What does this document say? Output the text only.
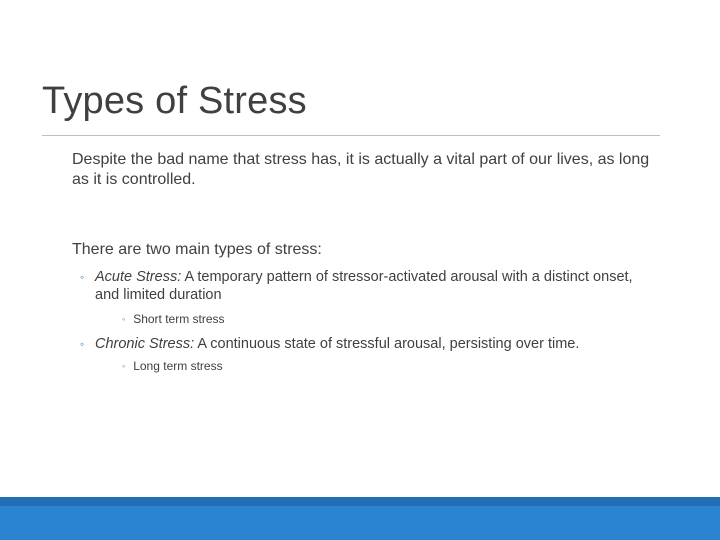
Types of Stress
Despite the bad name that stress has, it is actually a vital part of our lives, as long as it is controlled.
There are two main types of stress:
◦ Acute Stress: A temporary pattern of stressor-activated arousal with a distinct onset, and limited duration
◦ Short term stress
◦ Chronic Stress: A continuous state of stressful arousal, persisting over time.
◦ Long term stress
